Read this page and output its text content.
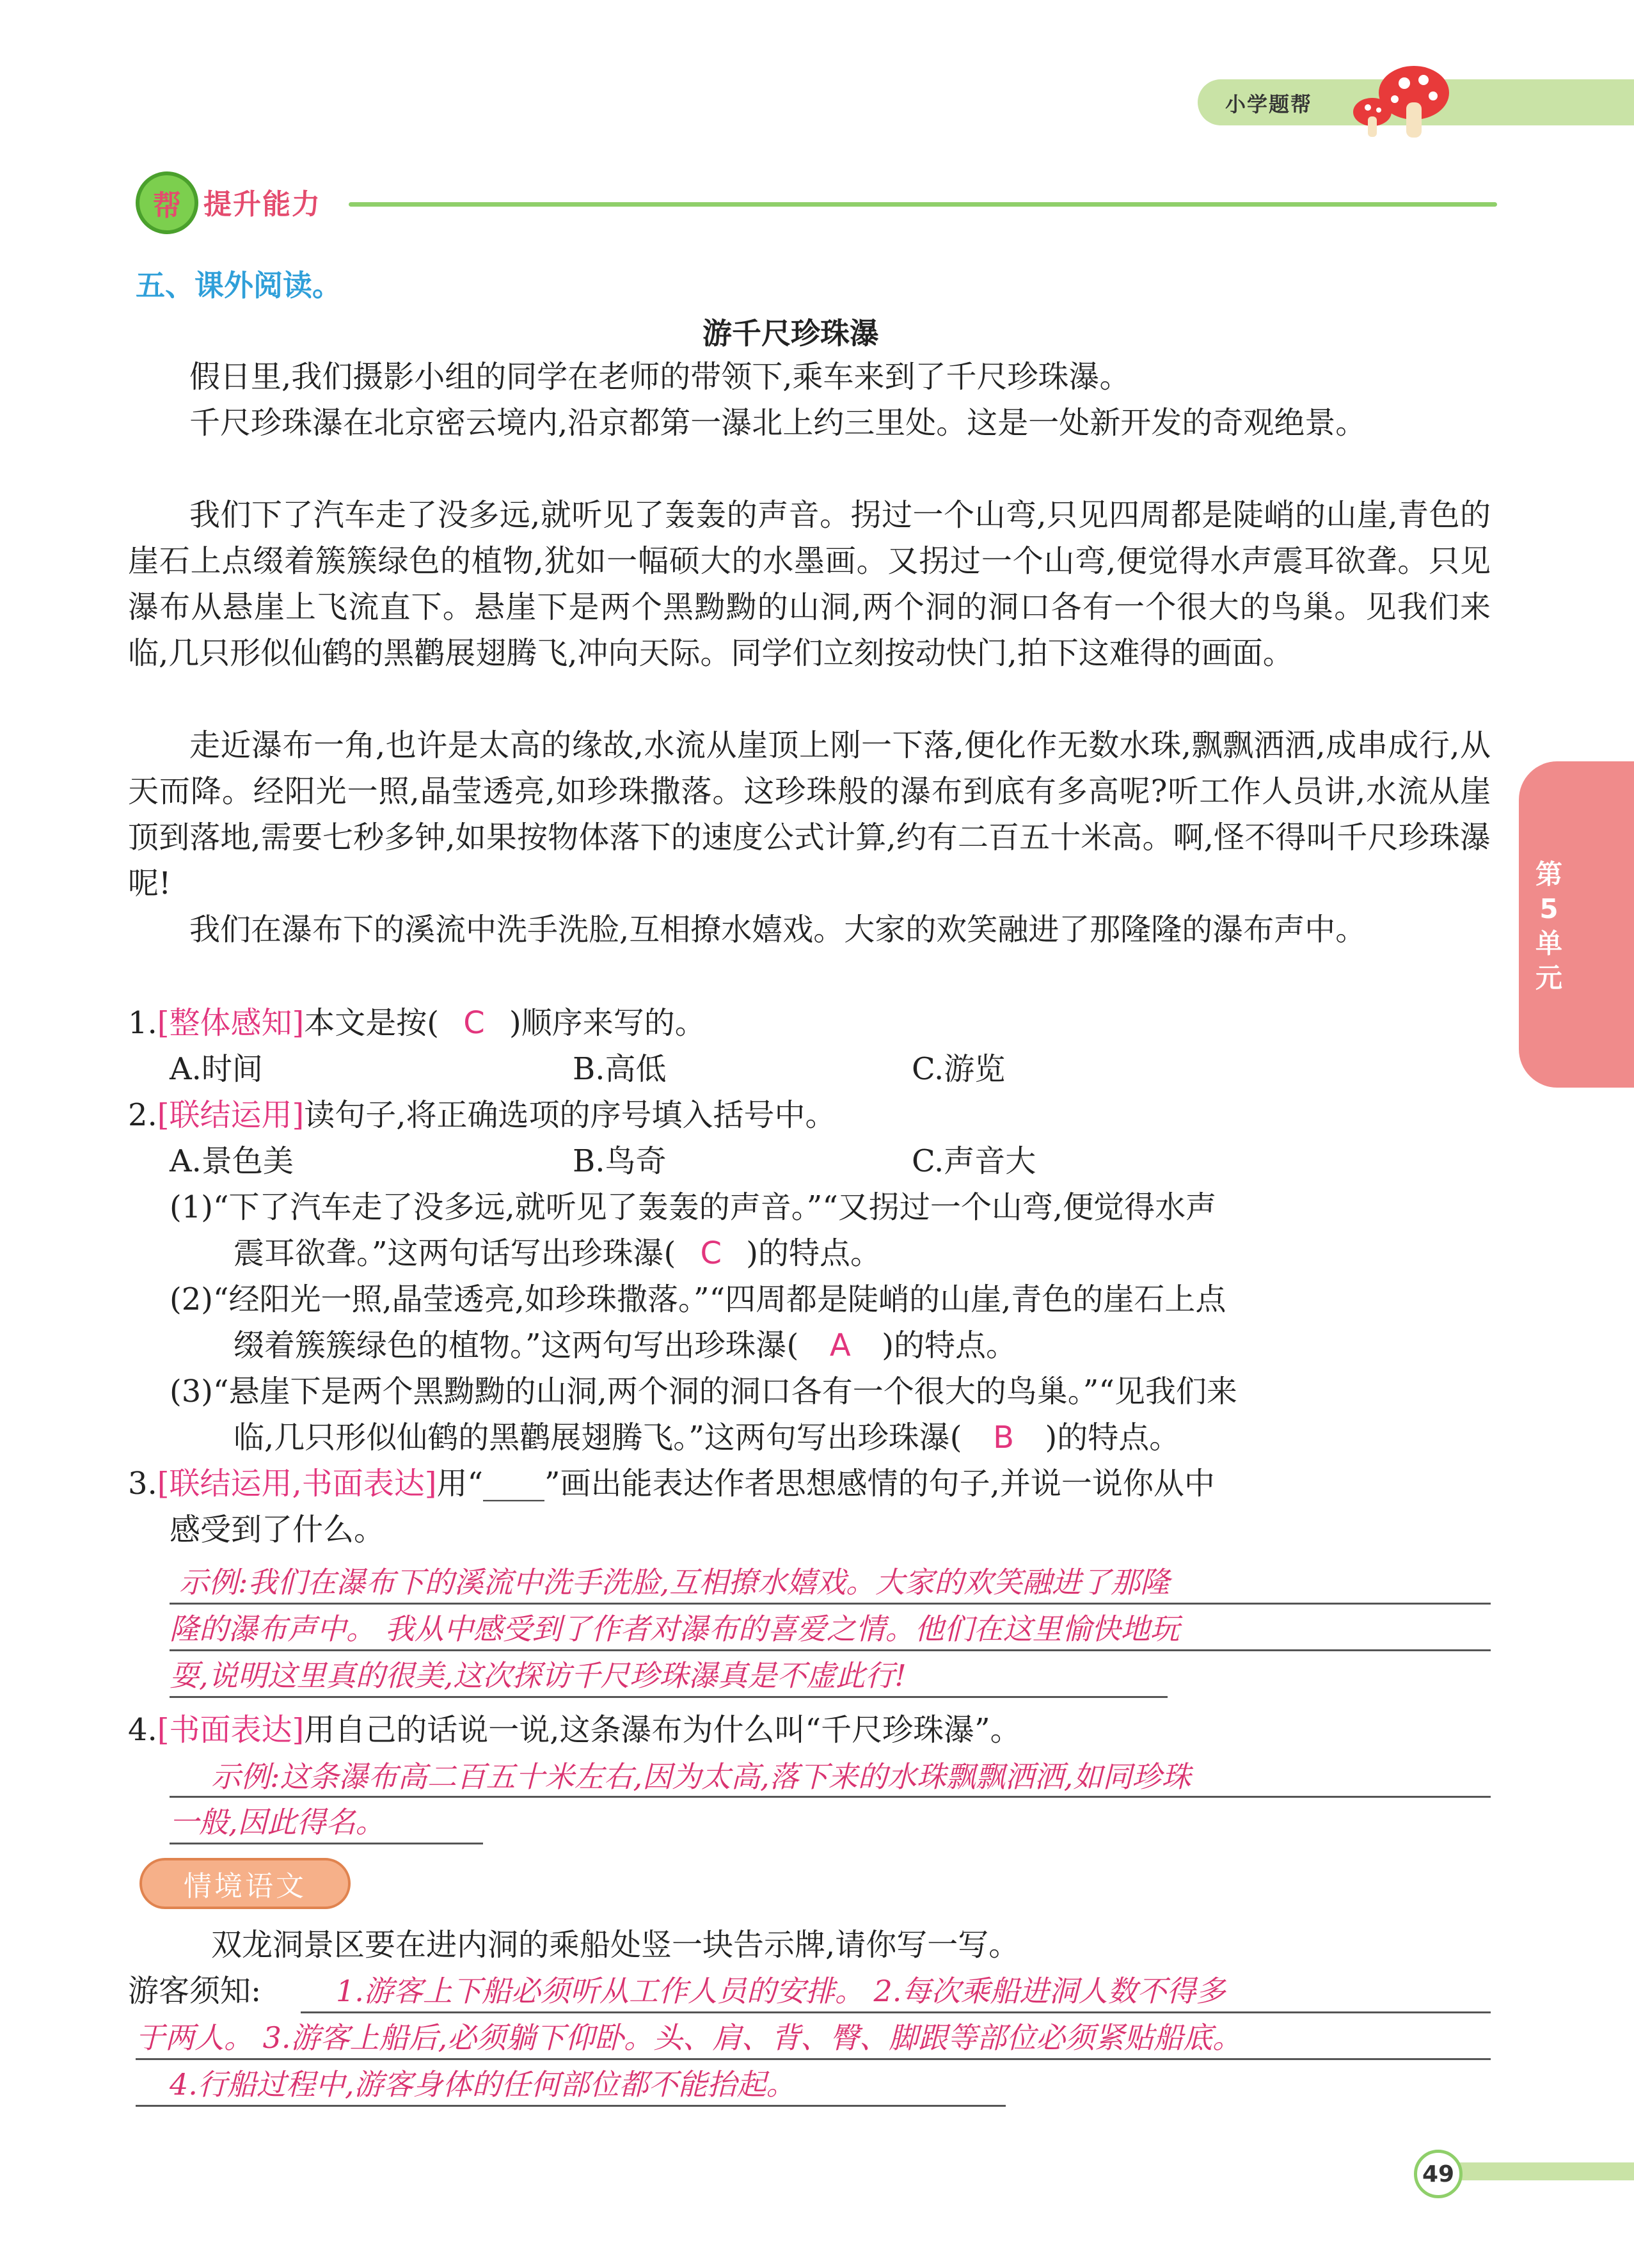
小学题帮
帮 提升能力
五、课外阅读。
游千尺珍珠瀑

假日里,我们摄影小组的同学在老师的带领下,乘车来到了千尺珍珠瀑。

千尺珍珠瀑在北京密云境内,沿京都第一瀑北上约三里处。这是一处新开发的奇观绝景。

我们下了汽车走了没多远,就听见了轰轰的声音。拐过一个山弯,只见四周都是陡峭的山崖,青色的崖石上点缀着簇簇绿色的植物,犹如一幅硕大的水墨画。又拐过一个山弯,便觉得水声震耳欲聋。只见瀑布从悬崖上飞流直下。悬崖下是两个黑黝黝的山洞,两个洞的洞口各有一个很大的鸟巢。见我们来临,几只形似仙鹤的黑鹳展翅腾飞,冲向天际。同学们立刻按动快门,拍下这难得的画面。

走近瀑布一角,也许是太高的缘故,水流从崖顶上刚一下落,便化作无数水珠,飘飘洒洒,成串成行,从天而降。经阳光一照,晶莹透亮,如珍珠撒落。这珍珠般的瀑布到底有多高呢?听工作人员讲,水流从崖顶到落地,需要七秒多钟,如果按物体落下的速度公式计算,约有二百五十米高。啊,怪不得叫千尺珍珠瀑呢!

我们在瀑布下的溪流中洗手洗脸,互相撩水嬉戏。大家的欢笑融进了那隆隆的瀑布声中。

1.[整体感知]本文是按( C )顺序来写的。
A.时间	B.高低	C.游览
2.[联结运用]读句子,将正确选项的序号填入括号中。
A.景色美	B.鸟奇	C.声音大
(1)“下了汽车走了没多远,就听见了轰轰的声音。”“又拐过一个山弯,便觉得水声
震耳欲聋。”这两句话写出珍珠瀑( C )的特点。
(2)“经阳光一照,晶莹透亮,如珍珠撒落。”“四周都是陡峭的山崖,青色的崖石上点
缀着簇簇绿色的植物。”这两句写出珍珠瀑( A )的特点。
(3)“悬崖下是两个黑黝黝的山洞,两个洞的洞口各有一个很大的鸟巢。”“见我们来
临,几只形似仙鹤的黑鹳展翅腾飞。”这两句写出珍珠瀑( B )的特点。
3.[联结运用,书面表达]用“____”画出能表达作者思想感情的句子,并说一说你从中
感受到了什么。
示例:我们在瀑布下的溪流中洗手洗脸,互相撩水嬉戏。大家的欢笑融进了那隆
隆的瀑布声中。 我从中感受到了作者对瀑布的喜爱之情。他们在这里愉快地玩
耍,说明这里真的很美,这次探访千尺珍珠瀑真是不虚此行!
4.[书面表达]用自己的话说一说,这条瀑布为什么叫“千尺珍珠瀑”。
示例:这条瀑布高二百五十米左右,因为太高,落下来的水珠飘飘洒洒,如同珍珠
一般,因此得名。
情境语文
双龙洞景区要在进内洞的乘船处竖一块告示牌,请你写一写。
游客须知:	1.游客上下船必须听从工作人员的安排。 2.每次乘船进洞人数不得多
于两人。 3.游客上船后,必须躺下仰卧。头、肩、背、臀、脚跟等部位必须紧贴船底。
4.行船过程中,游客身体的任何部位都不能抬起。
第5单元
49
